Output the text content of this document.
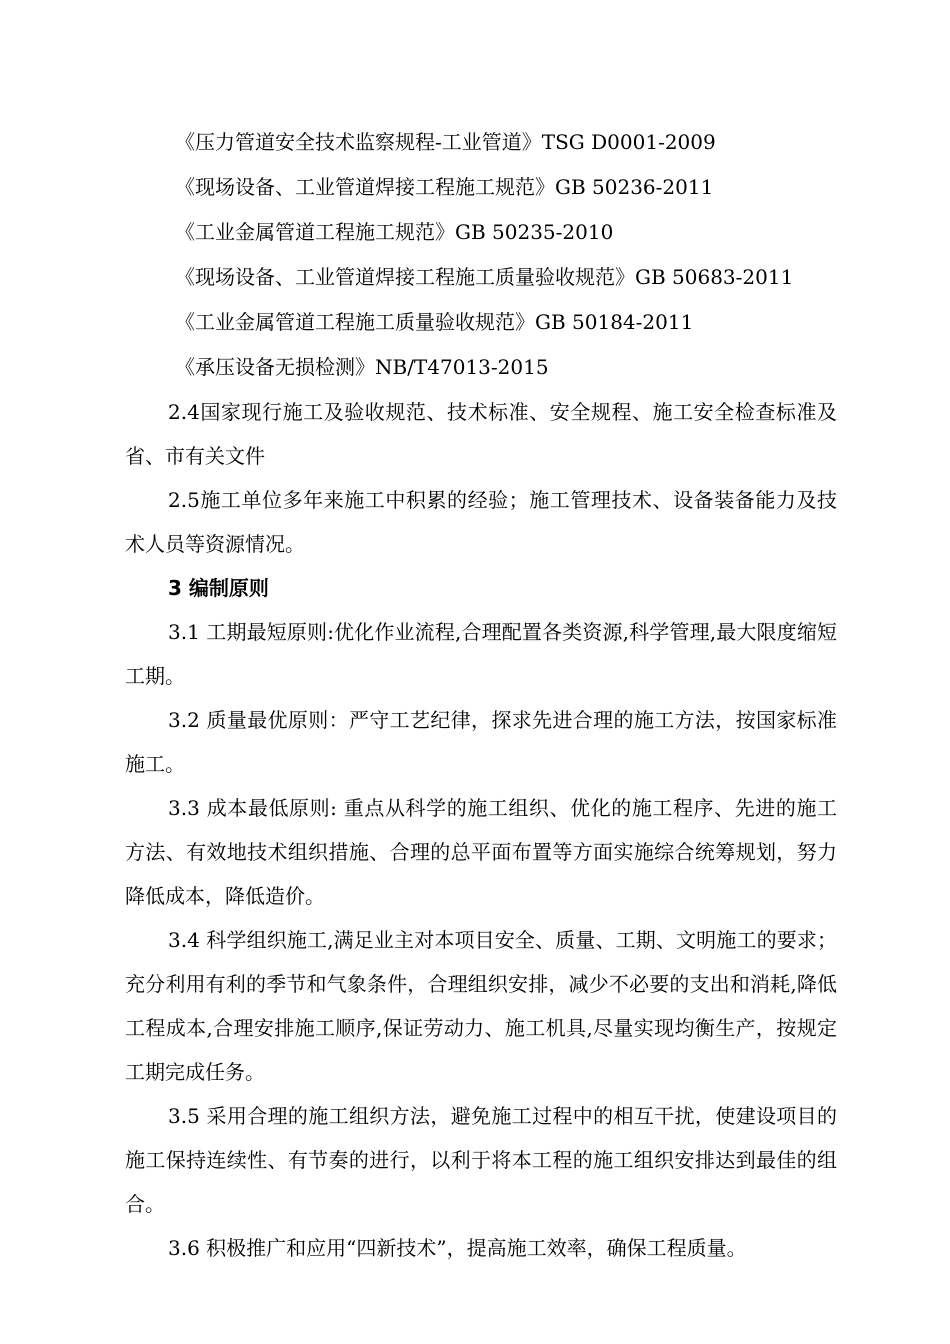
《压力管道安全技术监察规程-工业管道》TSG D0001-2009
《现场设备、工业管道焊接工程施工规范》GB 50236-2011
《工业金属管道工程施工规范》GB 50235-2010
《现场设备、工业管道焊接工程施工质量验收规范》GB 50683-2011
《工业金属管道工程施工质量验收规范》GB 50184-2011
《承压设备无损检测》NB/T47013-2015

2.4国家现行施工及验收规范、技术标准、安全规程、施工安全检查标准及省、市有关文件

2.5施工单位多年来施工中积累的经验；施工管理技术、设备装备能力及技术人员等资源情况。

3 编制原则

3.1 工期最短原则:优化作业流程,合理配置各类资源,科学管理,最大限度缩短工期。

3.2 质量最优原则：严守工艺纪律，探求先进合理的施工方法，按国家标准施工。

3.3 成本最低原则: 重点从科学的施工组织、优化的施工程序、先进的施工方法、有效地技术组织措施、合理的总平面布置等方面实施综合统筹规划，努力降低成本，降低造价。

3.4 科学组织施工,满足业主对本项目安全、质量、工期、文明施工的要求；充分利用有利的季节和气象条件，合理组织安排，减少不必要的支出和消耗,降低工程成本,合理安排施工顺序,保证劳动力、施工机具,尽量实现均衡生产，按规定工期完成任务。

3.5 采用合理的施工组织方法，避免施工过程中的相互干扰，使建设项目的施工保持连续性、有节奏的进行，以利于将本工程的施工组织安排达到最佳的组合。

3.6 积极推广和应用“四新技术”，提高施工效率，确保工程质量。
